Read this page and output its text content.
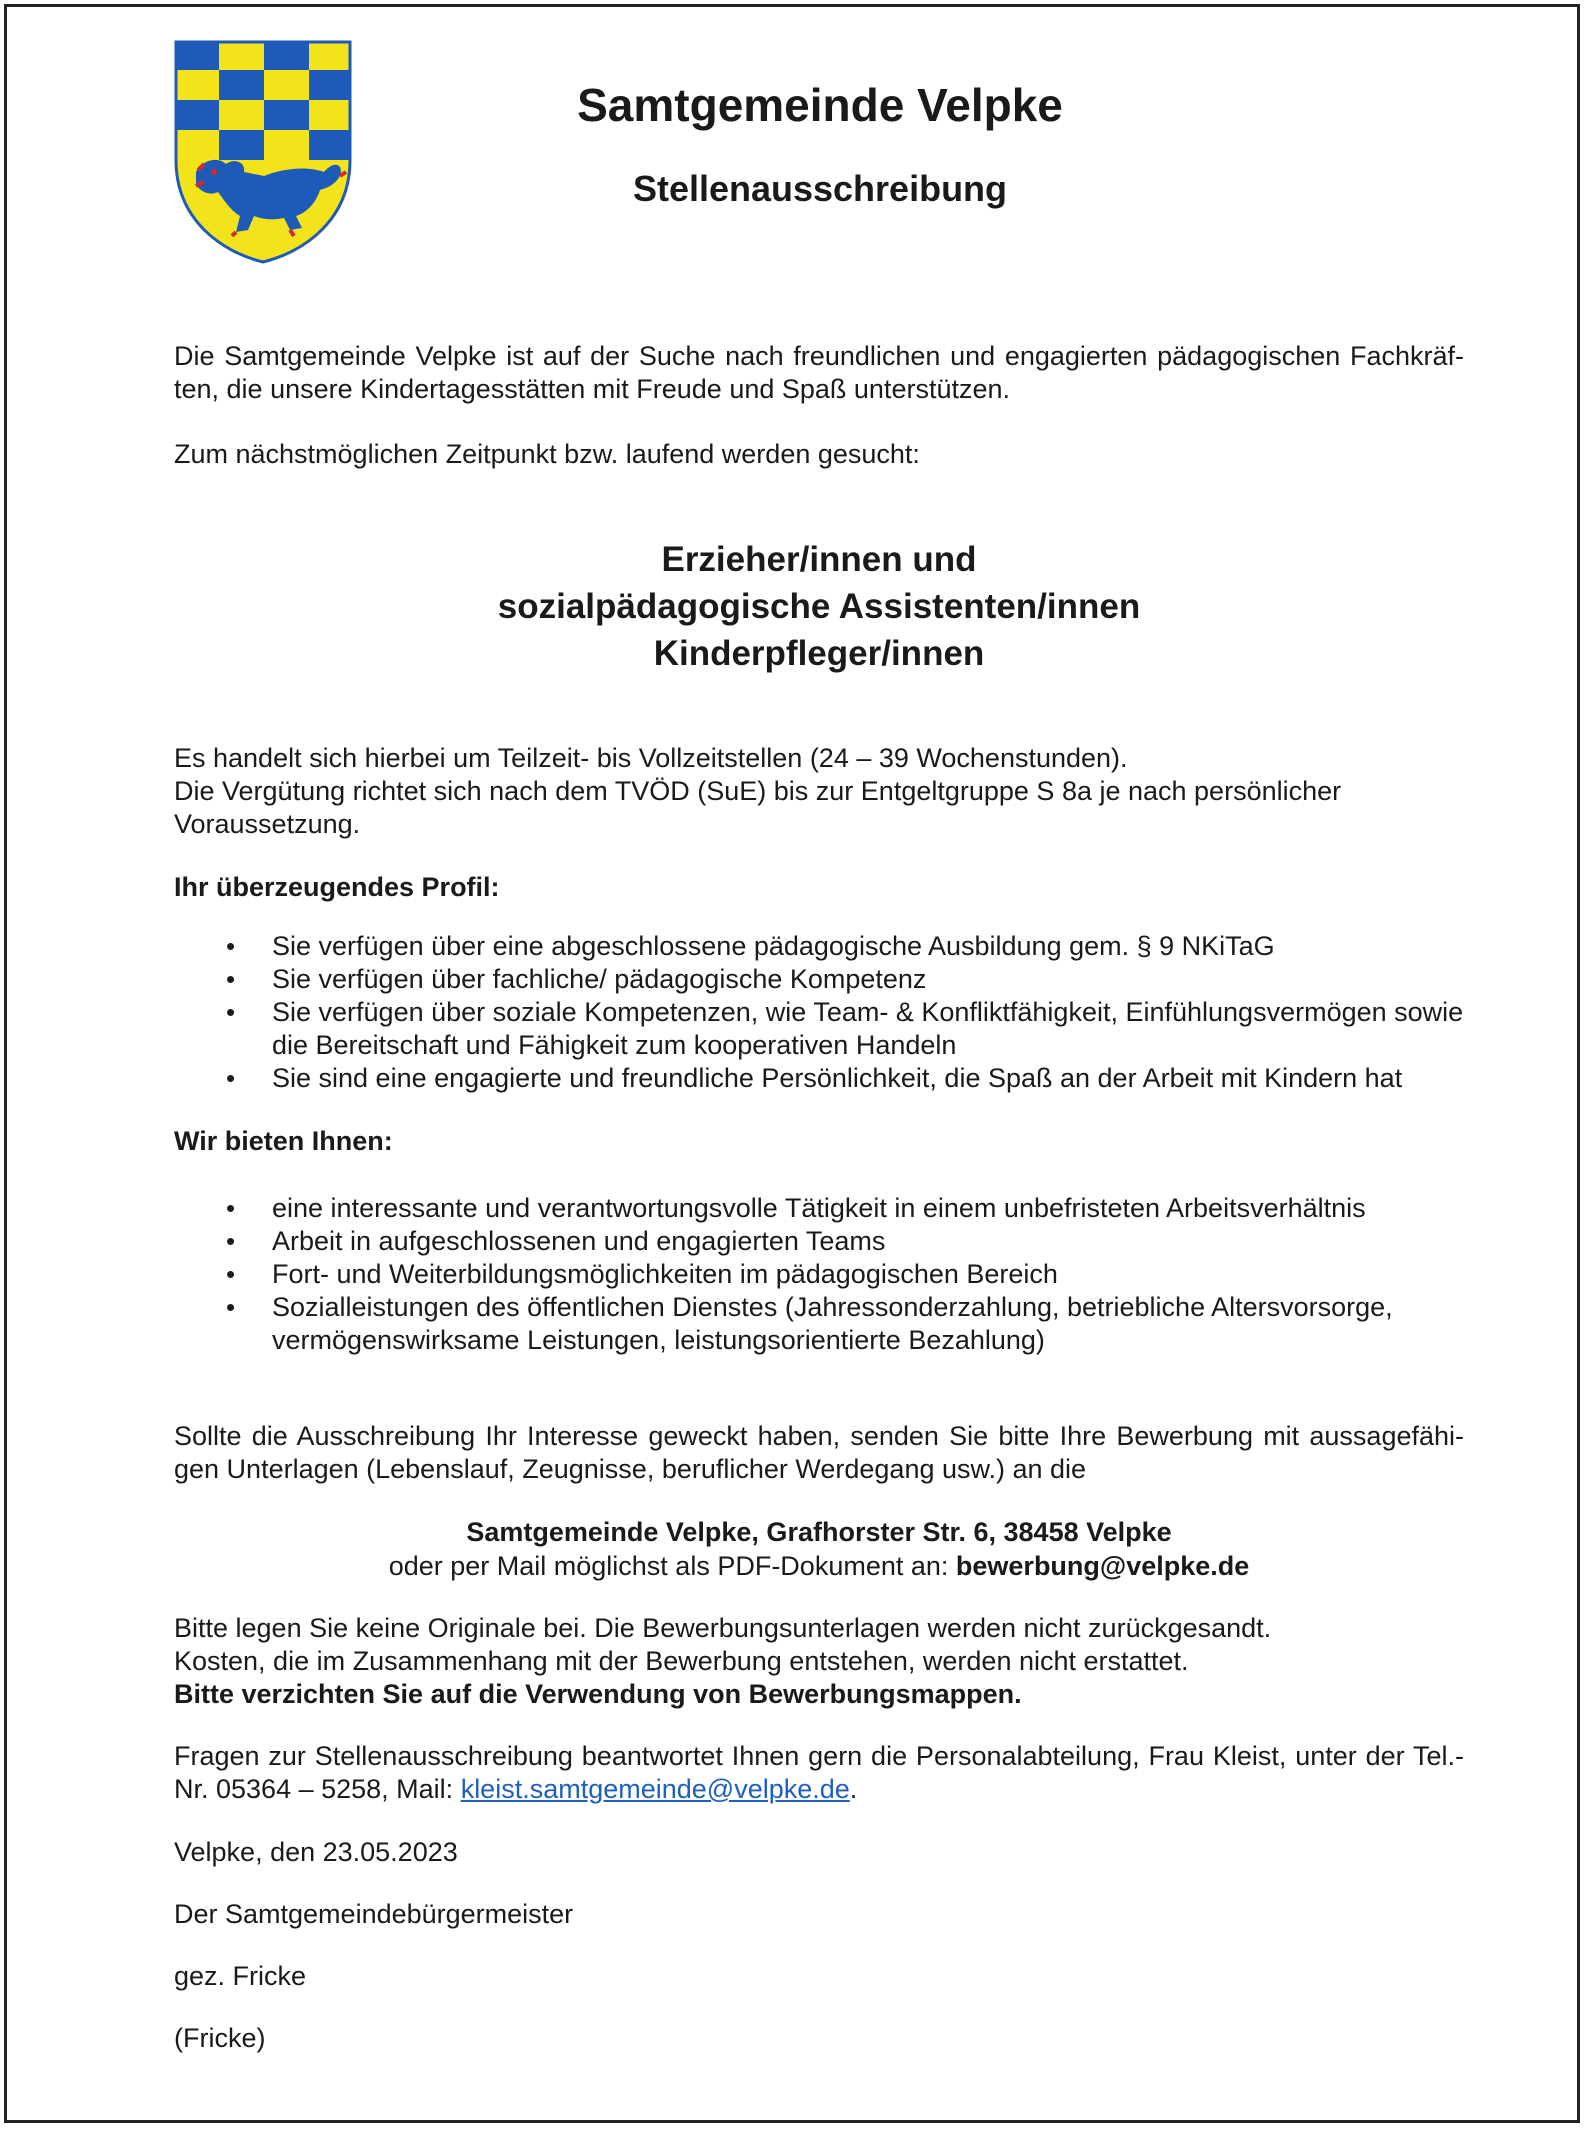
Samtgemeinde Velpke
Stellenausschreibung

Die Samtgemeinde Velpke ist auf der Suche nach freundlichen und engagierten pädagogischen Fachkräf-ten, die unsere Kindertagesstätten mit Freude und Spaß unterstützen.

Zum nächstmöglichen Zeitpunkt bzw. laufend werden gesucht:

Erzieher/innen und
sozialpädagogische Assistenten/innen
Kinderpfleger/innen
Es handelt sich hierbei um Teilzeit- bis Vollzeitstellen (24 – 39 Wochenstunden).
Die Vergütung richtet sich nach dem TVÖD (SuE) bis zur Entgeltgruppe S 8a je nach persönlicher
Voraussetzung.
Ihr überzeugendes Profil:
• Sie verfügen über eine abgeschlossene pädagogische Ausbildung gem. § 9 NKiTaG
• Sie verfügen über fachliche/ pädagogische Kompetenz
• Sie verfügen über soziale Kompetenzen, wie Team- & Konfliktfähigkeit, Einfühlungsvermögen sowie die Bereitschaft und Fähigkeit zum kooperativen Handeln
• Sie sind eine engagierte und freundliche Persönlichkeit, die Spaß an der Arbeit mit Kindern hat
Wir bieten Ihnen:
• eine interessante und verantwortungsvolle Tätigkeit in einem unbefristeten Arbeitsverhältnis
• Arbeit in aufgeschlossenen und engagierten Teams
• Fort- und Weiterbildungsmöglichkeiten im pädagogischen Bereich
• Sozialleistungen des öffentlichen Dienstes (Jahressonderzahlung, betriebliche Altersvorsorge, vermögenswirksame Leistungen, leistungsorientierte Bezahlung)

Sollte die Ausschreibung Ihr Interesse geweckt haben, senden Sie bitte Ihre Bewerbung mit aussagefähi-gen Unterlagen (Lebenslauf, Zeugnisse, beruflicher Werdegang usw.) an die

Samtgemeinde Velpke, Grafhorster Str. 6, 38458 Velpke
oder per Mail möglichst als PDF-Dokument an: bewerbung@velpke.de
Bitte legen Sie keine Originale bei. Die Bewerbungsunterlagen werden nicht zurückgesandt.
Kosten, die im Zusammenhang mit der Bewerbung entstehen, werden nicht erstattet.
Bitte verzichten Sie auf die Verwendung von Bewerbungsmappen.

Fragen zur Stellenausschreibung beantwortet Ihnen gern die Personalabteilung, Frau Kleist, unter der Tel.-Nr. 05364 – 5258, Mail: kleist.samtgemeinde@velpke.de.

Velpke, den 23.05.2023

Der Samtgemeindebürgermeister

gez. Fricke

(Fricke)
